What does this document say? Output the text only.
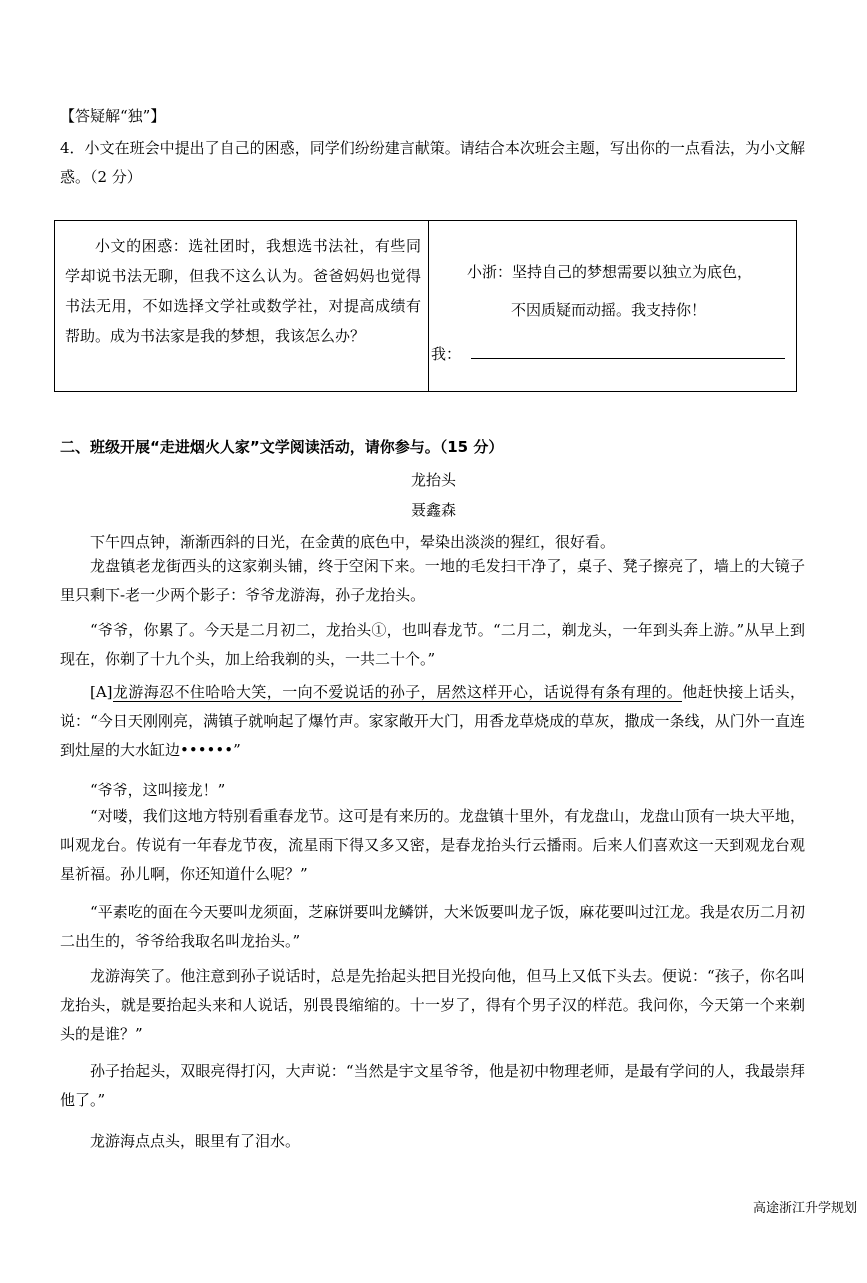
【答疑解“独”】
4．小文在班会中提出了自己的困惑，同学们纷纷建言献策。请结合本次班会主题，写出你的一点看法，为小文解惑。（2 分）
小文的困惑：选社团时，我想选书法社，有些同学却说书法无聊，但我不这么认为。爸爸妈妈也觉得书法无用，不如选择文学社或数学社，对提高成绩有帮助。成为书法家是我的梦想，我该怎么办？
小浙：坚持自己的梦想需要以独立为底色，
不因质疑而动摇。我支持你！
我：
二、班级开展“走进烟火人家”文学阅读活动，请你参与。（15 分）
龙抬头
聂鑫森
下午四点钟，渐渐西斜的日光，在金黄的底色中，晕染出淡淡的猩红，很好看。
龙盘镇老龙街西头的这家剃头铺，终于空闲下来。一地的毛发扫干净了，桌子、凳子擦亮了，墙上的大镜子里只剩下-老一少两个影子：爷爷龙游海，孙子龙抬头。
“爷爷，你累了。今天是二月初二，龙抬头①，也叫春龙节。“二月二，剃龙头，一年到头奔上游。”从早上到现在，你剃了十九个头，加上给我剃的头，一共二十个。”
[A]龙游海忍不住哈哈大笑，一向不爱说话的孙子，居然这样开心，话说得有条有理的。他赶快接上话头，说：“今日天刚刚亮，满镇子就响起了爆竹声。家家敞开大门，用香龙草烧成的草灰，撒成一条线，从门外一直连到灶屋的大水缸边••••••”
“爷爷，这叫接龙！”
“对喽，我们这地方特别看重春龙节。这可是有来历的。龙盘镇十里外，有龙盘山，龙盘山顶有一块大平地，叫观龙台。传说有一年春龙节夜，流星雨下得又多又密，是春龙抬头行云播雨。后来人们喜欢这一天到观龙台观星祈福。孙儿啊，你还知道什么呢？”
“平素吃的面在今天要叫龙须面，芝麻饼要叫龙鳞饼，大米饭要叫龙子饭，麻花要叫过江龙。我是农历二月初二出生的，爷爷给我取名叫龙抬头。”
龙游海笑了。他注意到孙子说话时，总是先抬起头把目光投向他，但马上又低下头去。便说：“孩子，你名叫龙抬头，就是要抬起头来和人说话，别畏畏缩缩的。十一岁了，得有个男子汉的样范。我问你，今天第一个来剃头的是谁？”
孙子抬起头，双眼亮得打闪，大声说：“当然是宇文星爷爷，他是初中物理老师，是最有学问的人，我最崇拜他了。”
龙游海点点头，眼里有了泪水。
高途浙江升学规划
